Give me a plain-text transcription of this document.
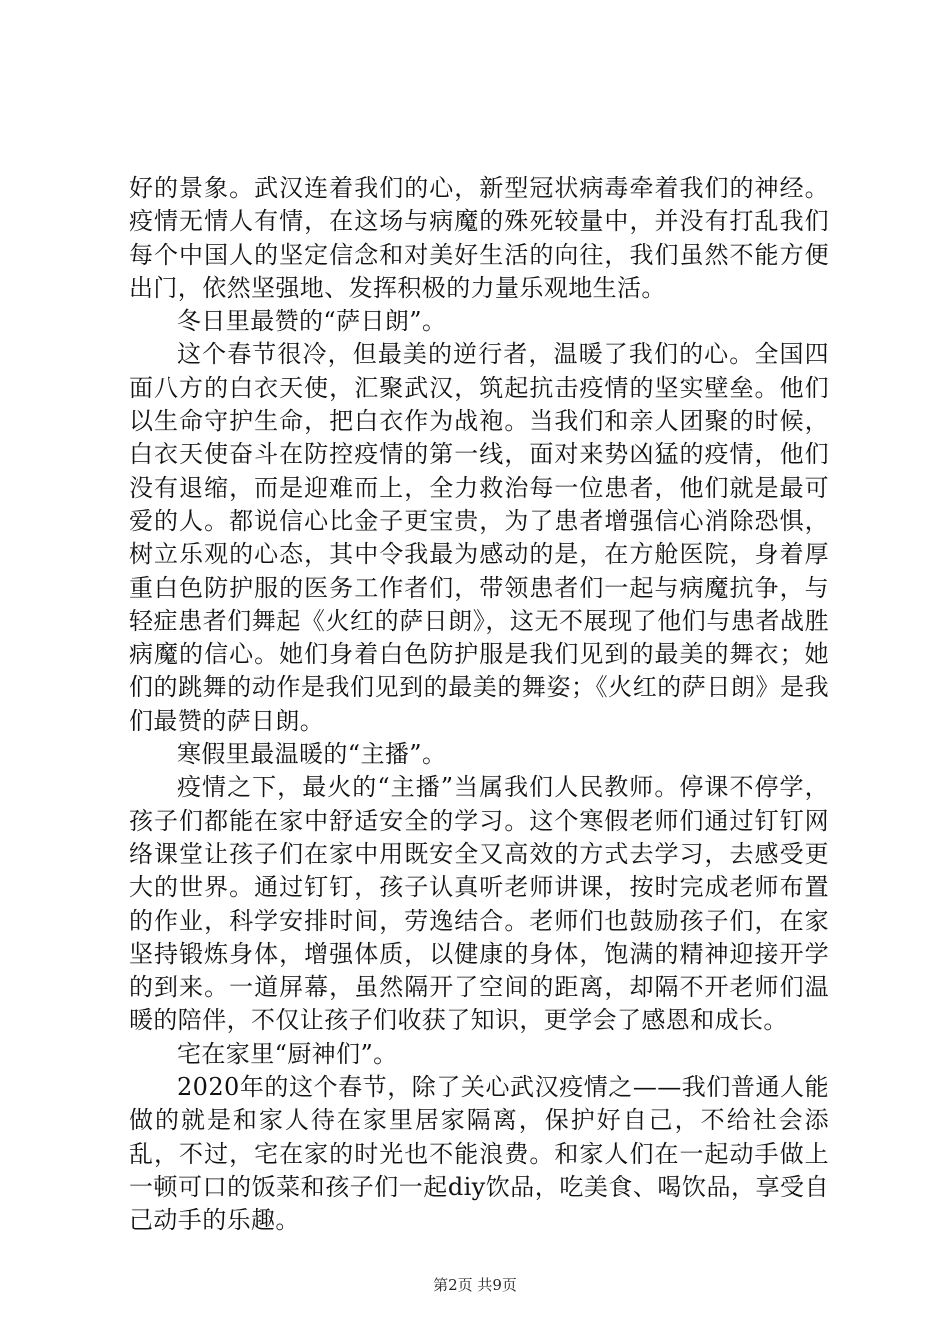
好的景象。武汉连着我们的心，新型冠状病毒牵着我们的神经。疫情无情人有情，在这场与病魔的殊死较量中，并没有打乱我们每个中国人的坚定信念和对美好生活的向往，我们虽然不能方便出门，依然坚强地、发挥积极的力量乐观地生活。

冬日里最赞的“萨日朗”。

这个春节很冷，但最美的逆行者，温暖了我们的心。全国四面八方的白衣天使，汇聚武汉，筑起抗击疫情的坚实壁垒。他们以生命守护生命，把白衣作为战袍。当我们和亲人团聚的时候，白衣天使奋斗在防控疫情的第一线，面对来势凶猛的疫情，他们没有退缩，而是迎难而上，全力救治每一位患者，他们就是最可爱的人。都说信心比金子更宝贵，为了患者增强信心消除恐惧，树立乐观的心态，其中令我最为感动的是，在方舱医院，身着厚重白色防护服的医务工作者们，带领患者们一起与病魔抗争，与轻症患者们舞起《火红的萨日朗》，这无不展现了他们与患者战胜病魔的信心。她们身着白色防护服是我们见到的最美的舞衣；她们的跳舞的动作是我们见到的最美的舞姿；《火红的萨日朗》是我们最赞的萨日朗。

寒假里最温暖的“主播”。

疫情之下，最火的“主播”当属我们人民教师。停课不停学，孩子们都能在家中舒适安全的学习。这个寒假老师们通过钉钉网络课堂让孩子们在家中用既安全又高效的方式去学习，去感受更大的世界。通过钉钉，孩子认真听老师讲课，按时完成老师布置的作业，科学安排时间，劳逸结合。老师们也鼓励孩子们，在家坚持锻炼身体，增强体质，以健康的身体，饱满的精神迎接开学的到来。一道屏幕，虽然隔开了空间的距离，却隔不开老师们温暖的陪伴，不仅让孩子们收获了知识，更学会了感恩和成长。

宅在家里“厨神们”。

2020年的这个春节，除了关心武汉疫情之——我们普通人能做的就是和家人待在家里居家隔离，保护好自己，不给社会添乱，不过，宅在家的时光也不能浪费。和家人们在一起动手做上一顿可口的饭菜和孩子们一起diy饮品，吃美食、喝饮品，享受自己动手的乐趣。

第2页 共9页
